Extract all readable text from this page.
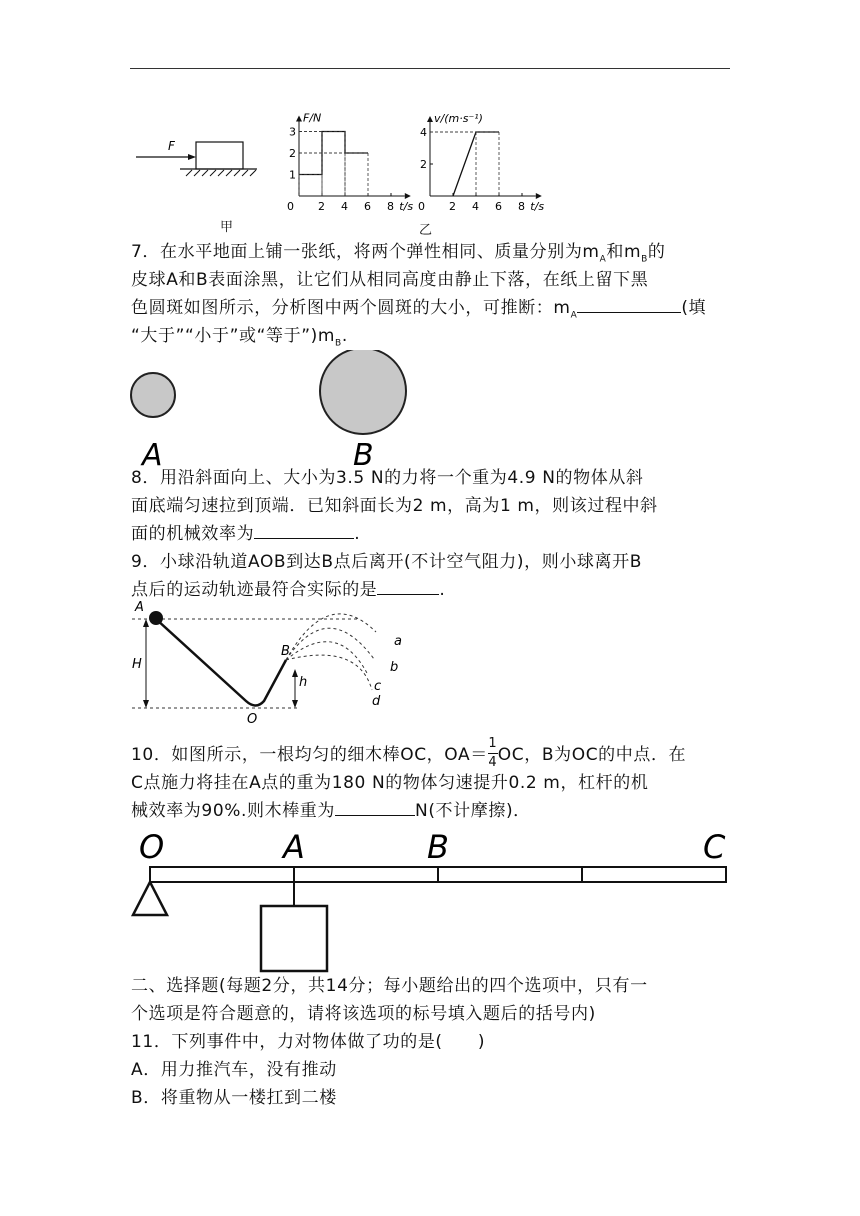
F
甲
0 2 4 6 8
1
2
3
t/s
F/N
0 2 4 6 8
2
4
t/s
v/(m·s⁻¹)
乙
7．在水平地面上铺一张纸，将两个弹性相同、质量分别为$m_A$和$m_B$的
皮球A和B表面涂黑，让它们从相同高度由静止下落，在纸上留下黑
色圆斑如图所示，分析图中两个圆斑的大小，可推断：$m_A$	(填
“大于”“小于”或“等于$”)m_B$.
A	B
8．用沿斜面向上、大小为3.5 N的力将一个重为4.9 N的物体从斜
面底端匀速拉到顶端．已知斜面长为2 m，高为1 m，则该过程中斜
面的机械效率为	.
9．小球沿轨道AOB到达B点后离开(不计空气阻力)，则小球离开B
点后的运动轨迹最符合实际的是	.
A
H
B
h
O
a
b
c
d
10．如图所示，一根均匀的细木棒OC，$OA= \frac{1}{4}$ OC，B为OC的中点．在
C点施力将挂在A点的重为180 N的物体匀速提升0.2 m，杠杆的机
械效率为90%.则木棒重为	N(不计摩擦)．
O	A	B	C
二、选择题(每题2分，共14分；每小题给出的四个选项中，只有一
个选项是符合题意的，请将该选项的标号填入题后的括号内)
11．下列事件中，力对物体做了功的是(　　)
A．用力推汽车，没有推动
B．将重物从一楼扛到二楼
